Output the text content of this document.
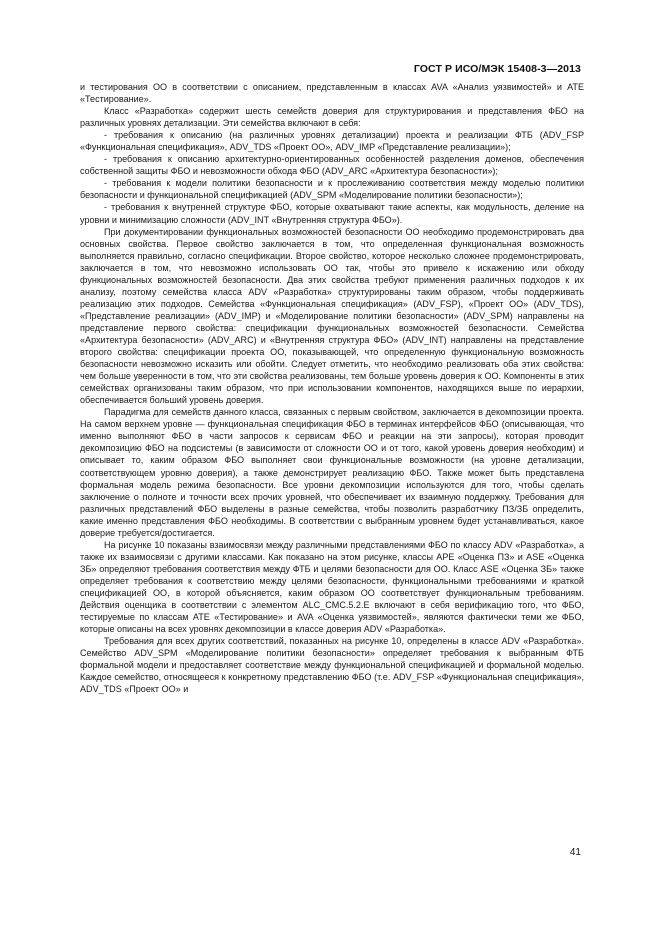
ГОСТ Р ИСО/МЭК 15408-3—2013

и тестирования ОО в соответствии с описанием, представленным в классах AVA «Анализ уязвимостей» и ATE «Тестирование».

Класс «Разработка» содержит шесть семейств доверия для структурирования и представления ФБО на различных уровнях детализации. Эти семейства включают в себя:

- требования к описанию (на различных уровнях детализации) проекта и реализации ФТБ (ADV_FSP «Функциональная спецификация», ADV_TDS «Проект ОО», ADV_IMP «Представление реализации»);

- требования к описанию архитектурно-ориентированных особенностей разделения доменов, обеспечения собственной защиты ФБО и невозможности обхода ФБО (ADV_ARC «Архитектура безопасности»);

- требования к модели политики безопасности и к прослеживанию соответствия между моделью политики безопасности и функциональной спецификацией (ADV_SPM «Моделирование политики безопасности»);

- требования к внутренней структуре ФБО, которые охватывают такие аспекты, как модульность, деление на уровни и минимизацию сложности (ADV_INT «Внутренняя структура ФБО»).

При документировании функциональных возможностей безопасности ОО необходимо продемонстрировать два основных свойства. Первое свойство заключается в том, что определенная функциональная возможность выполняется правильно, согласно спецификации. Второе свойство, которое несколько сложнее продемонстрировать, заключается в том, что невозможно использовать ОО так, чтобы это привело к искажению или обходу функциональных возможностей безопасности. Два этих свойства требуют применения различных подходов к их анализу, поэтому семейства класса ADV «Разработка» структурированы таким образом, чтобы поддерживать реализацию этих подходов. Семейства «Функциональная спецификация» (ADV_FSP), «Проект ОО» (ADV_TDS), «Представление реализации» (ADV_IMP) и «Моделирование политики безопасности» (ADV_SPM) направлены на представление первого свойства: спецификации функциональных возможностей безопасности. Семейства «Архитектура безопасности» (ADV_ARC) и «Внутренняя структура ФБО» (ADV_INT) направлены на представление второго свойства: спецификации проекта ОО, показывающей, что определенную функциональную возможность безопасности невозможно исказить или обойти. Следует отметить, что необходимо реализовать оба этих свойства: чем больше уверенности в том, что эти свойства реализованы, тем больше уровень доверия к ОО. Компоненты в этих семействах организованы таким образом, что при использовании компонентов, находящихся выше по иерархии, обеспечивается больший уровень доверия.

Парадигма для семейств данного класса, связанных с первым свойством, заключается в декомпозиции проекта. На самом верхнем уровне — функциональная спецификация ФБО в терминах интерфейсов ФБО (описывающая, что именно выполняют ФБО в части запросов к сервисам ФБО и реакции на эти запросы), которая проводит декомпозицию ФБО на подсистемы (в зависимости от сложности ОО и от того, какой уровень доверия необходим) и описывает то, каким образом ФБО выполняет свои функциональные возможности (на уровне детализации, соответствующем уровню доверия), а также демонстрирует реализацию ФБО. Также может быть представлена формальная модель режима безопасности. Все уровни декомпозиции используются для того, чтобы сделать заключение о полноте и точности всех прочих уровней, что обеспечивает их взаимную поддержку. Требования для различных представлений ФБО выделены в разные семейства, чтобы позволить разработчику ПЗ/ЗБ определить, какие именно представления ФБО необходимы. В соответствии с выбранным уровнем будет устанавливаться, какое доверие требуется/достигается.

На рисунке 10 показаны взаимосвязи между различными представлениями ФБО по классу ADV «Разработка», а также их взаимосвязи с другими классами. Как показано на этом рисунке, классы APE «Оценка ПЗ» и ASE «Оценка ЗБ» определяют требования соответствия между ФТБ и целями безопасности для ОО. Класс ASE «Оценка ЗБ» также определяет требования к соответствию между целями безопасности, функциональными требованиями и краткой спецификацией ОО, в которой объясняется, каким образом ОО соответствует функциональным требованиям. Действия оценщика в соответствии с элементом ALC_CMC.5.2.E включают в себя верификацию того, что ФБО, тестируемые по классам ATE «Тестирование» и AVA «Оценка уязвимостей», являются фактически теми же ФБО, которые описаны на всех уровнях декомпозиции в классе доверия ADV «Разработка».

Требования для всех других соответствий, показанных на рисунке 10, определены в классе ADV «Разработка». Семейство ADV_SPM «Моделирование политики безопасности» определяет требования к выбранным ФТБ формальной модели и предоставляет соответствие между функциональной спецификацией и формальной моделью. Каждое семейство, относящееся к конкретному представлению ФБО (т.е. ADV_FSP «Функциональная спецификация», ADV_TDS «Проект ОО» и

41
